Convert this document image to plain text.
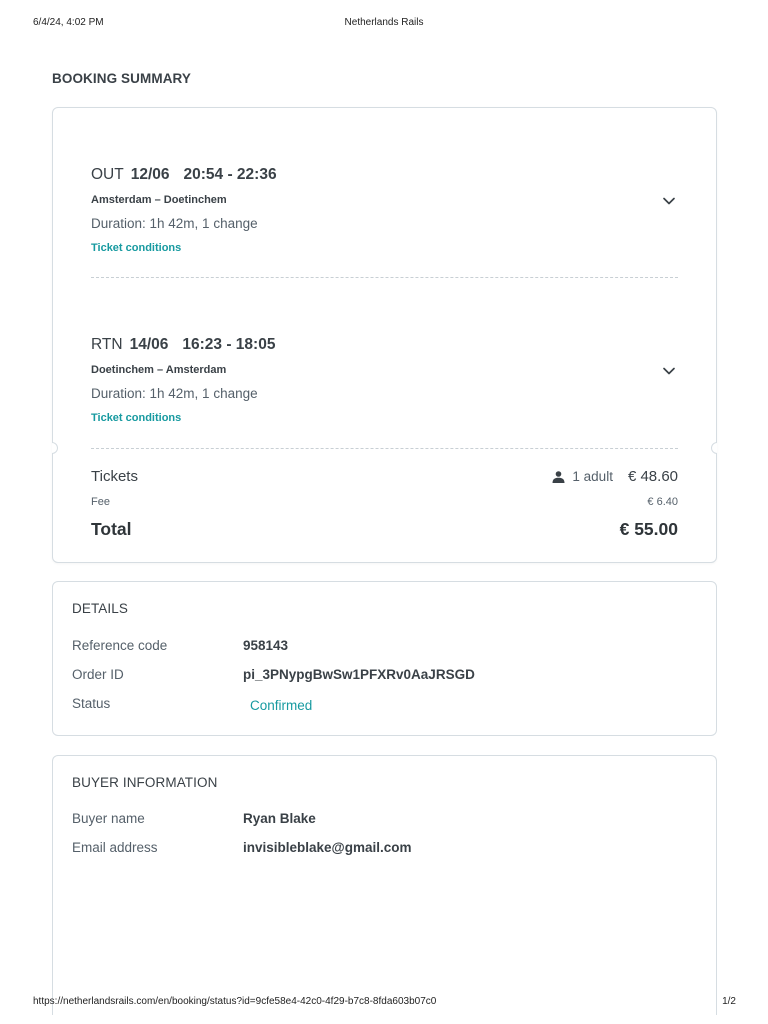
6/4/24, 4:02 PM	Netherlands Rails
BOOKING SUMMARY
OUT 12/06 20:54 - 22:36
Amsterdam – Doetinchem
Duration: 1h 42m, 1 change
Ticket conditions
RTN 14/06 16:23 - 18:05
Doetinchem – Amsterdam
Duration: 1h 42m, 1 change
Ticket conditions
Tickets	1 adult € 48.60
Fee	€ 6.40
Total	€ 55.00
DETAILS
Reference code	958143
Order ID	pi_3PNypgBwSw1PFXRv0AaJRSGD
Status	Confirmed
BUYER INFORMATION
Buyer name	Ryan Blake
Email address	invisibleblake@gmail.com
https://netherlandsrails.com/en/booking/status?id=9cfe58e4-42c0-4f29-b7c8-8fda603b07c0	1/2
